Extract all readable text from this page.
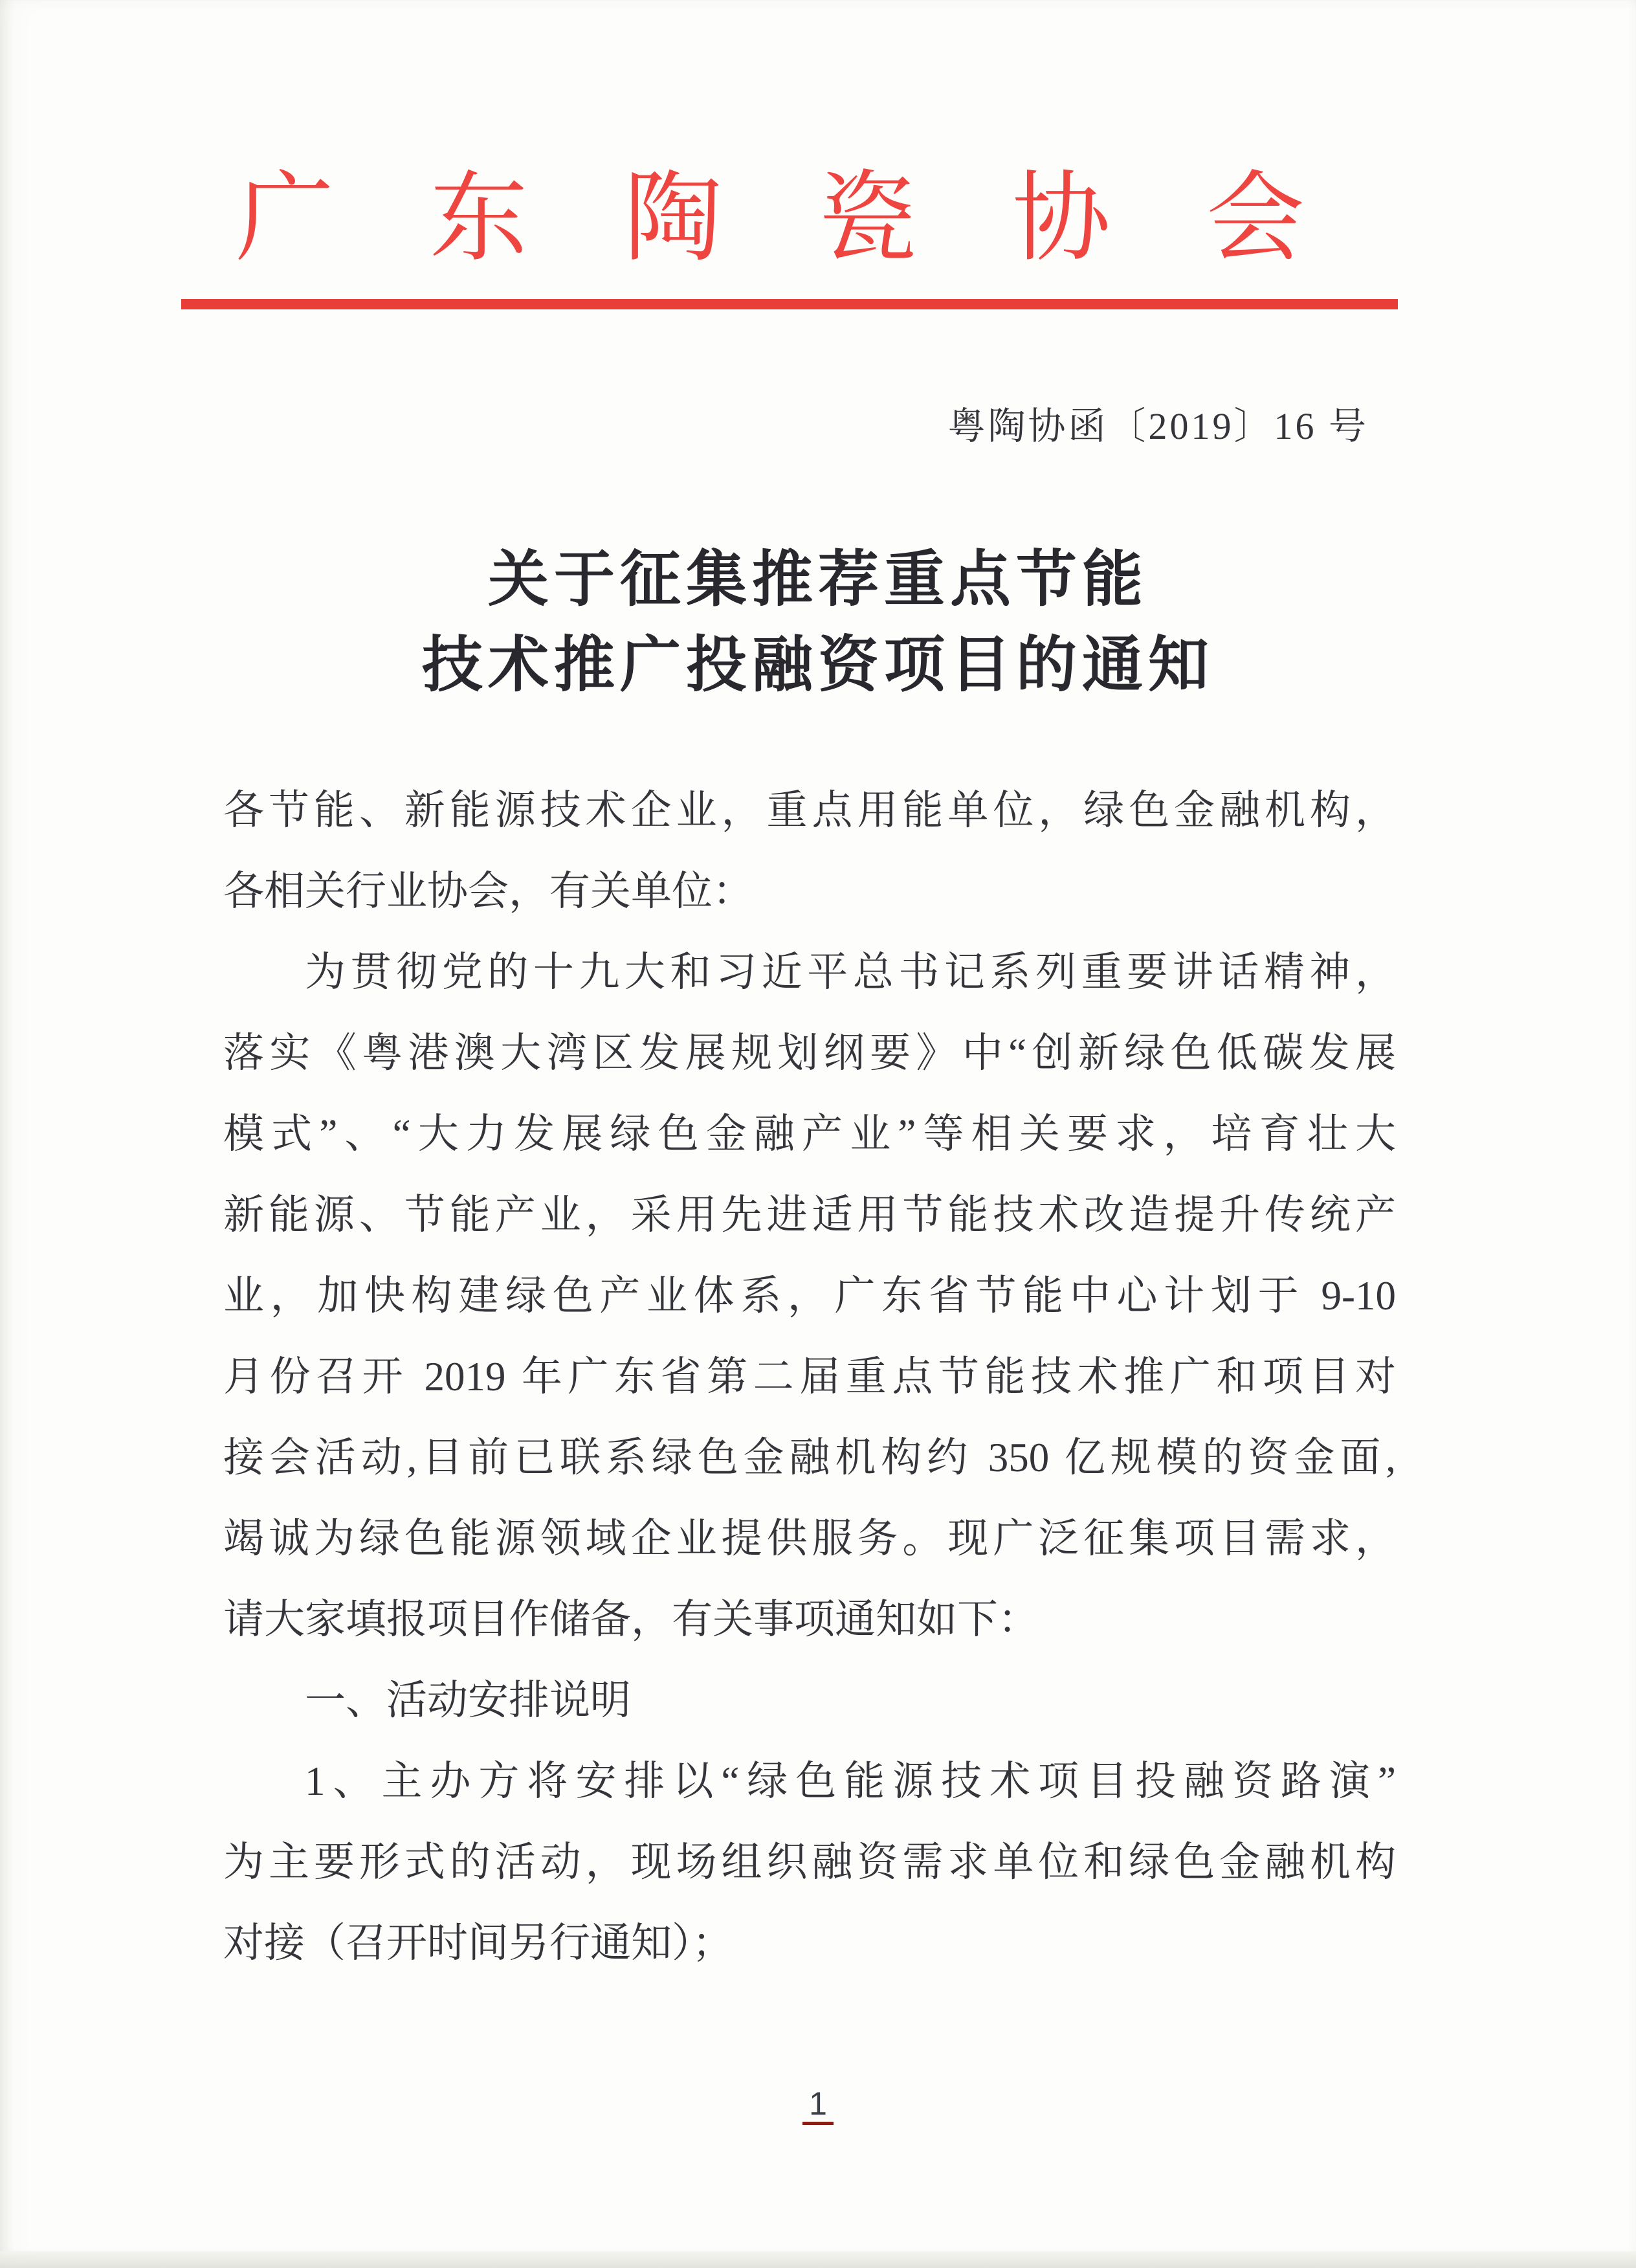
广东陶瓷协会
粤陶协函〔2019〕16 号
关于征集推荐重点节能
技术推广投融资项目的通知
各节能、新能源技术企业，重点用能单位，绿色金融机构，
各相关行业协会，有关单位：
为贯彻党的十九大和习近平总书记系列重要讲话精神，
落实《粤港澳大湾区发展规划纲要》中“创新绿色低碳发展
模式”、“大力发展绿色金融产业”等相关要求，培育壮大
新能源、节能产业，采用先进适用节能技术改造提升传统产
业，加快构建绿色产业体系，广东省节能中心计划于 9-10
月份召开 2019 年广东省第二届重点节能技术推广和项目对
接会活动,目前已联系绿色金融机构约 350 亿规模的资金面,
竭诚为绿色能源领域企业提供服务。现广泛征集项目需求，
请大家填报项目作储备，有关事项通知如下：
一、活动安排说明
1、主办方将安排以“绿色能源技术项目投融资路演”
为主要形式的活动，现场组织融资需求单位和绿色金融机构
对接（召开时间另行通知）；
1
